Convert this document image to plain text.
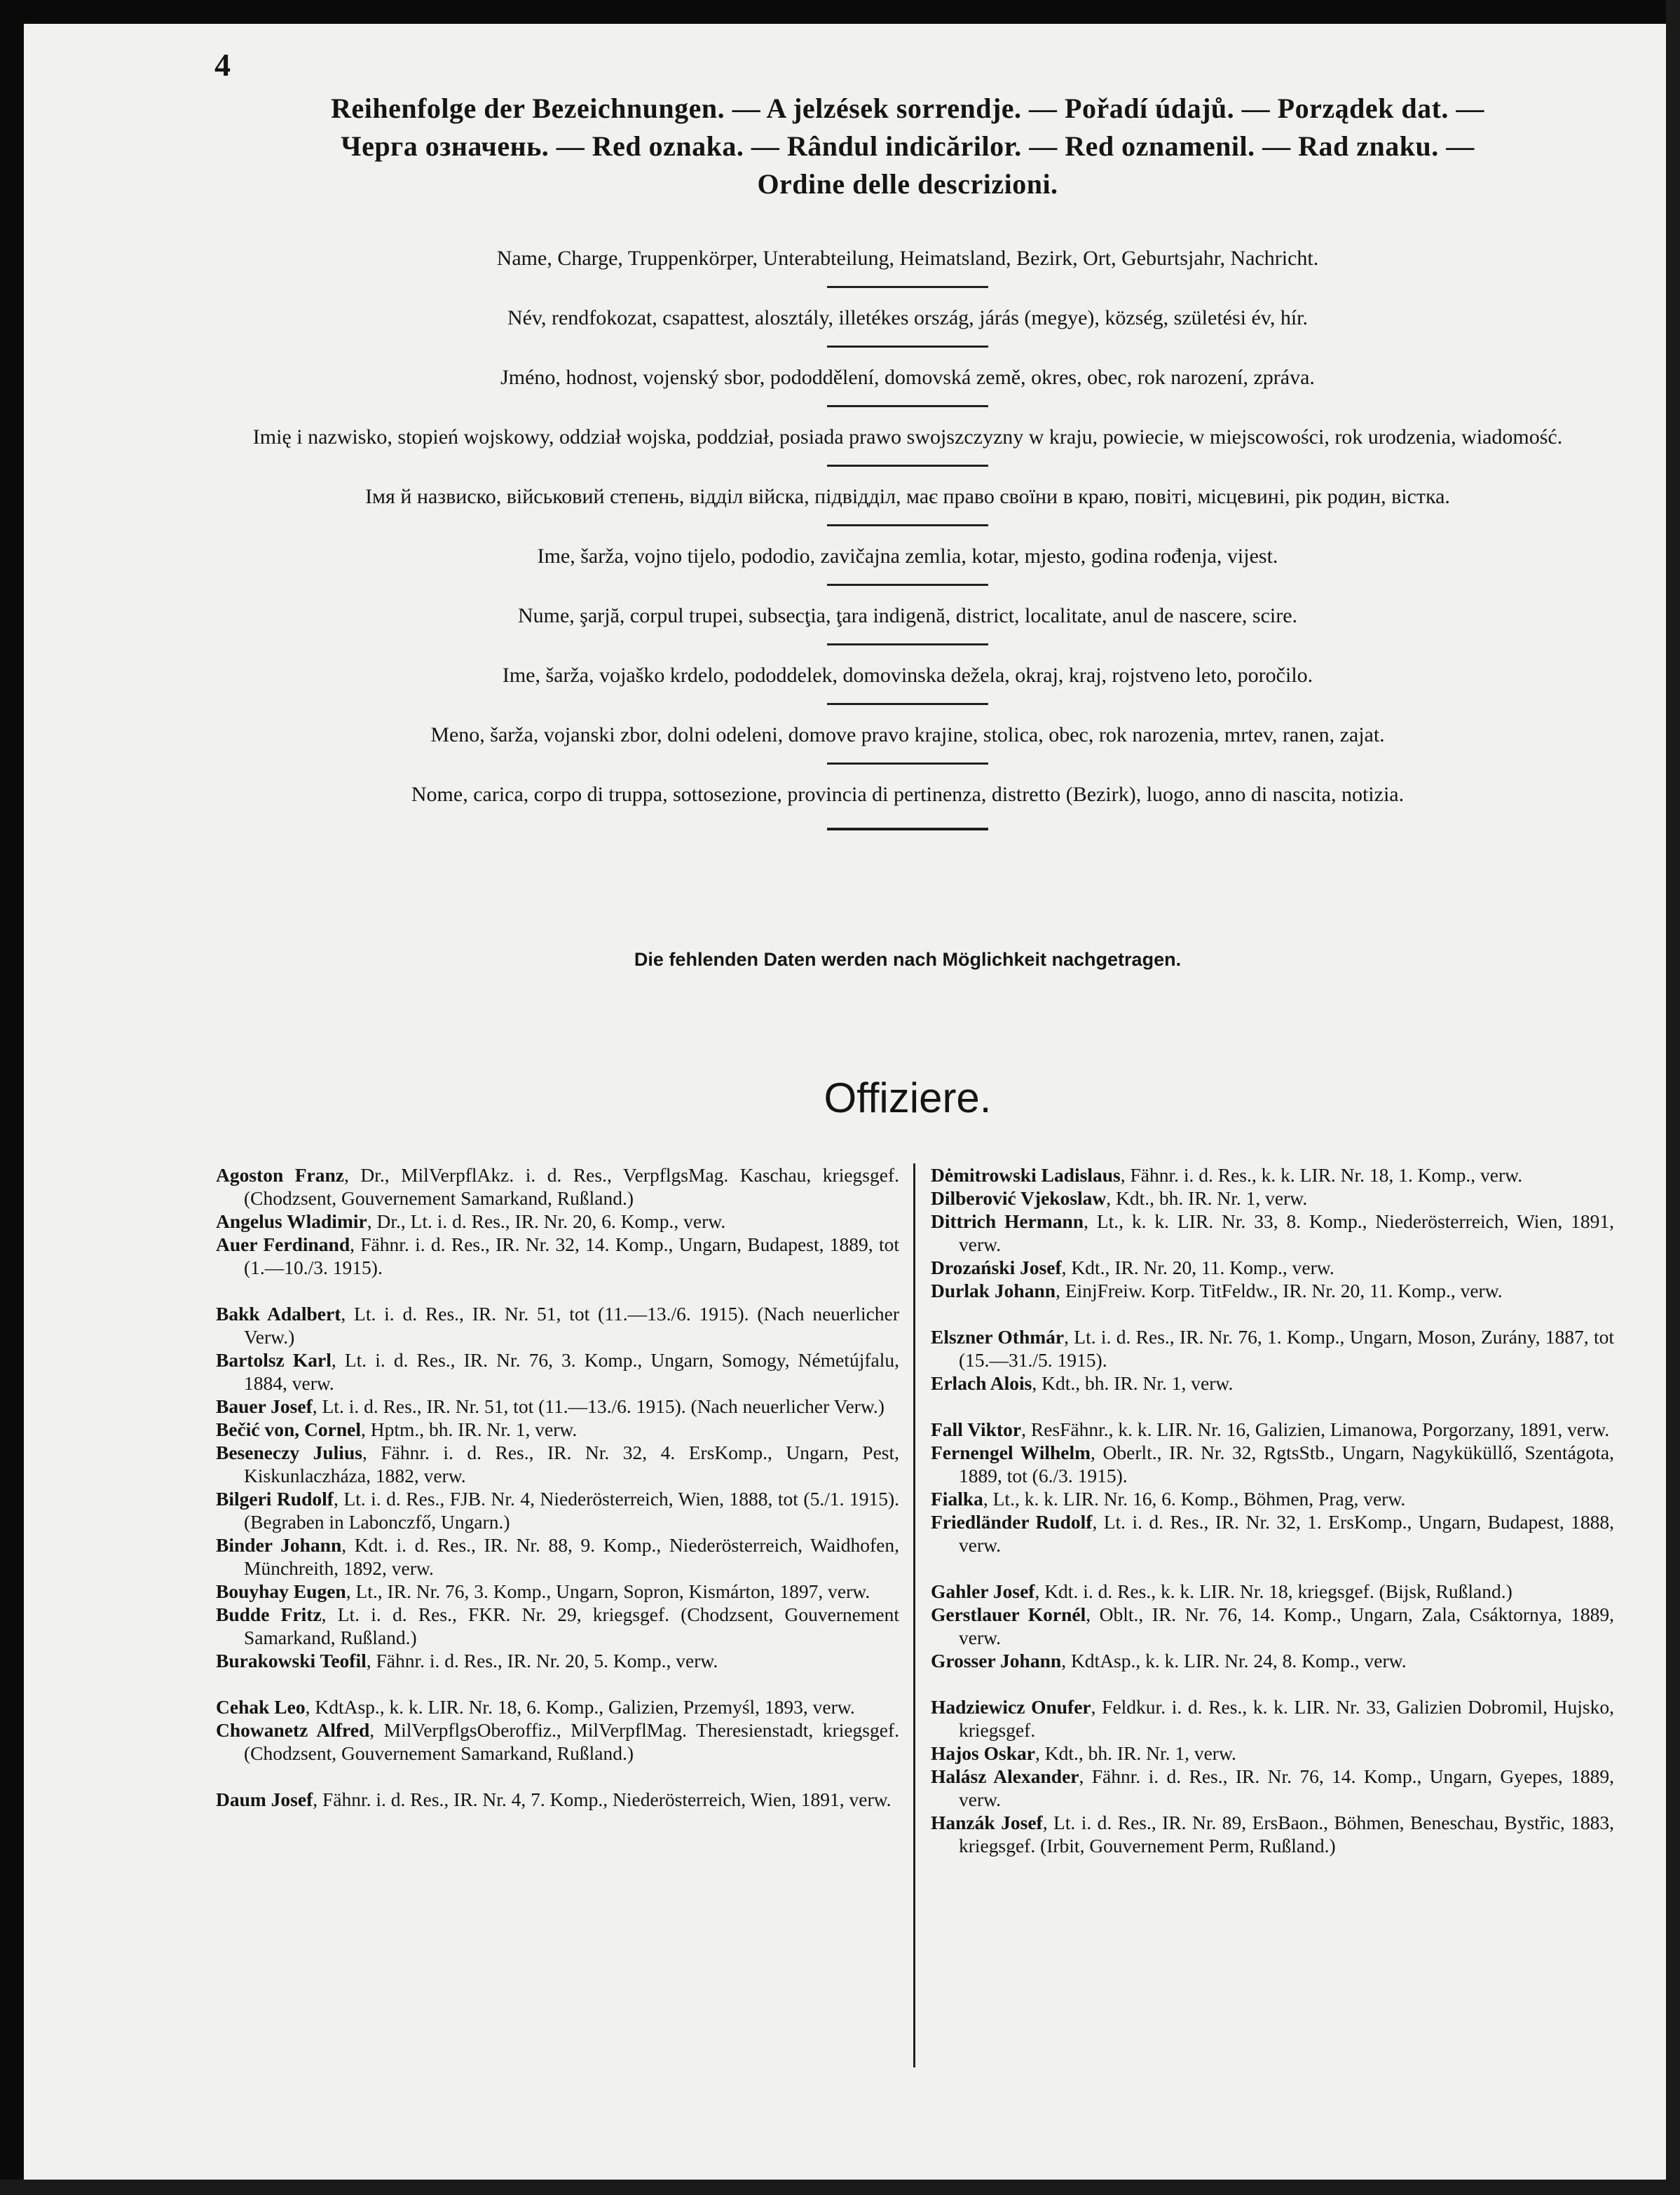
4
Reihenfolge der Bezeichnungen. — A jelzések sorrendje. — Pořadí údajů. — Porządek dat. —
Черга означень. — Red oznaka. — Rândul indicărilor. — Red oznamenil. — Rad znaku. —
Ordine delle descrizioni.
Name, Charge, Truppenkörper, Unterabteilung, Heimatsland, Bezirk, Ort, Geburtsjahr, Nachricht.
Név, rendfokozat, csapattest, alosztály, illetékes ország, járás (megye), község, születési év, hír.
Jméno, hodnost, vojenský sbor, pododdělení, domovská země, okres, obec, rok narození, zpráva.
Imię i nazwisko, stopień wojskowy, oddział wojska, poddział, posiada prawo swojszczyzny w kraju, powiecie, w miejscowości, rok urodzenia, wiadomość.
Імя й назвиско, військовий степень, відділ війска, підвідділ, має право своїни в краю, повіті, місцевині, рік родин, вістка.
Ime, šarža, vojno tijelo, pododio, zavičajna zemlia, kotar, mjesto, godina rođenja, vijest.
Nume, şarjă, corpul trupei, subsecţia, ţara indigenă, district, localitate, anul de nascere, scire.
Ime, šarža, vojaško krdelo, pododdelek, domovinska dežela, okraj, kraj, rojstveno leto, poročilo.
Meno, šarža, vojanski zbor, dolni odeleni, domove pravo krajine, stolica, obec, rok narozenia, mrtev, ranen, zajat.
Nome, carica, corpo di truppa, sottosezione, provincia di pertinenza, distretto (Bezirk), luogo, anno di nascita, notizia.
Die fehlenden Daten werden nach Möglichkeit nachgetragen.
Offiziere.

Agoston Franz, Dr., MilVerpflAkz. i. d. Res., VerpflgsMag. Kaschau, kriegsgef. (Chodzsent, Gouvernement Samarkand, Rußland.)

Angelus Wladimir, Dr., Lt. i. d. Res., IR. Nr. 20, 6. Komp., verw.

Auer Ferdinand, Fähnr. i. d. Res., IR. Nr. 32, 14. Komp., Ungarn, Budapest, 1889, tot (1.—10./3. 1915).

Bakk Adalbert, Lt. i. d. Res., IR. Nr. 51, tot (11.—13./6. 1915). (Nach neuerlicher Verw.)

Bartolsz Karl, Lt. i. d. Res., IR. Nr. 76, 3. Komp., Ungarn, Somogy, Németújfalu, 1884, verw.

Bauer Josef, Lt. i. d. Res., IR. Nr. 51, tot (11.—13./6. 1915). (Nach neuerlicher Verw.)

Bečić von, Cornel, Hptm., bh. IR. Nr. 1, verw.

Beseneczy Julius, Fähnr. i. d. Res., IR. Nr. 32, 4. ErsKomp., Ungarn, Pest, Kiskunlaczháza, 1882, verw.

Bilgeri Rudolf, Lt. i. d. Res., FJB. Nr. 4, Niederösterreich, Wien, 1888, tot (5./1. 1915). (Begraben in Labonczfő, Ungarn.)

Binder Johann, Kdt. i. d. Res., IR. Nr. 88, 9. Komp., Niederösterreich, Waidhofen, Münchreith, 1892, verw.

Bouyhay Eugen, Lt., IR. Nr. 76, 3. Komp., Ungarn, Sopron, Kismárton, 1897, verw.

Budde Fritz, Lt. i. d. Res., FKR. Nr. 29, kriegsgef. (Chodzsent, Gouvernement Samarkand, Rußland.)

Burakowski Teofil, Fähnr. i. d. Res., IR. Nr. 20, 5. Komp., verw.

Cehak Leo, KdtAsp., k. k. LIR. Nr. 18, 6. Komp., Galizien, Przemyśl, 1893, verw.

Chowanetz Alfred, MilVerpflgsOberoffiz., MilVerpflMag. Theresienstadt, kriegsgef. (Chodzsent, Gouvernement Samarkand, Rußland.)

Daum Josef, Fähnr. i. d. Res., IR. Nr. 4, 7. Komp., Niederösterreich, Wien, 1891, verw.

Dėmitrowski Ladislaus, Fähnr. i. d. Res., k. k. LIR. Nr. 18, 1. Komp., verw.

Dilberović Vjekoslaw, Kdt., bh. IR. Nr. 1, verw.

Dittrich Hermann, Lt., k. k. LIR. Nr. 33, 8. Komp., Niederösterreich, Wien, 1891, verw.

Drozański Josef, Kdt., IR. Nr. 20, 11. Komp., verw.

Durlak Johann, EinjFreiw. Korp. TitFeldw., IR. Nr. 20, 11. Komp., verw.

Elszner Othmár, Lt. i. d. Res., IR. Nr. 76, 1. Komp., Ungarn, Moson, Zurány, 1887, tot (15.—31./5. 1915).

Erlach Alois, Kdt., bh. IR. Nr. 1, verw.

Fall Viktor, ResFähnr., k. k. LIR. Nr. 16, Galizien, Limanowa, Porgorzany, 1891, verw.

Fernengel Wilhelm, Oberlt., IR. Nr. 32, RgtsStb., Ungarn, Nagyküküllő, Szentágota, 1889, tot (6./3. 1915).

Fialka, Lt., k. k. LIR. Nr. 16, 6. Komp., Böhmen, Prag, verw.

Friedländer Rudolf, Lt. i. d. Res., IR. Nr. 32, 1. ErsKomp., Ungarn, Budapest, 1888, verw.

Gahler Josef, Kdt. i. d. Res., k. k. LIR. Nr. 18, kriegsgef. (Bijsk, Rußland.)

Gerstlauer Kornél, Oblt., IR. Nr. 76, 14. Komp., Ungarn, Zala, Csáktornya, 1889, verw.

Grosser Johann, KdtAsp., k. k. LIR. Nr. 24, 8. Komp., verw.

Hadziewicz Onufer, Feldkur. i. d. Res., k. k. LIR. Nr. 33, Galizien Dobromil, Hujsko, kriegsgef.

Hajos Oskar, Kdt., bh. IR. Nr. 1, verw.

Halász Alexander, Fähnr. i. d. Res., IR. Nr. 76, 14. Komp., Ungarn, Gyepes, 1889, verw.

Hanzák Josef, Lt. i. d. Res., IR. Nr. 89, ErsBaon., Böhmen, Beneschau, Bystřic, 1883, kriegsgef. (Irbit, Gouvernement Perm, Rußland.)
